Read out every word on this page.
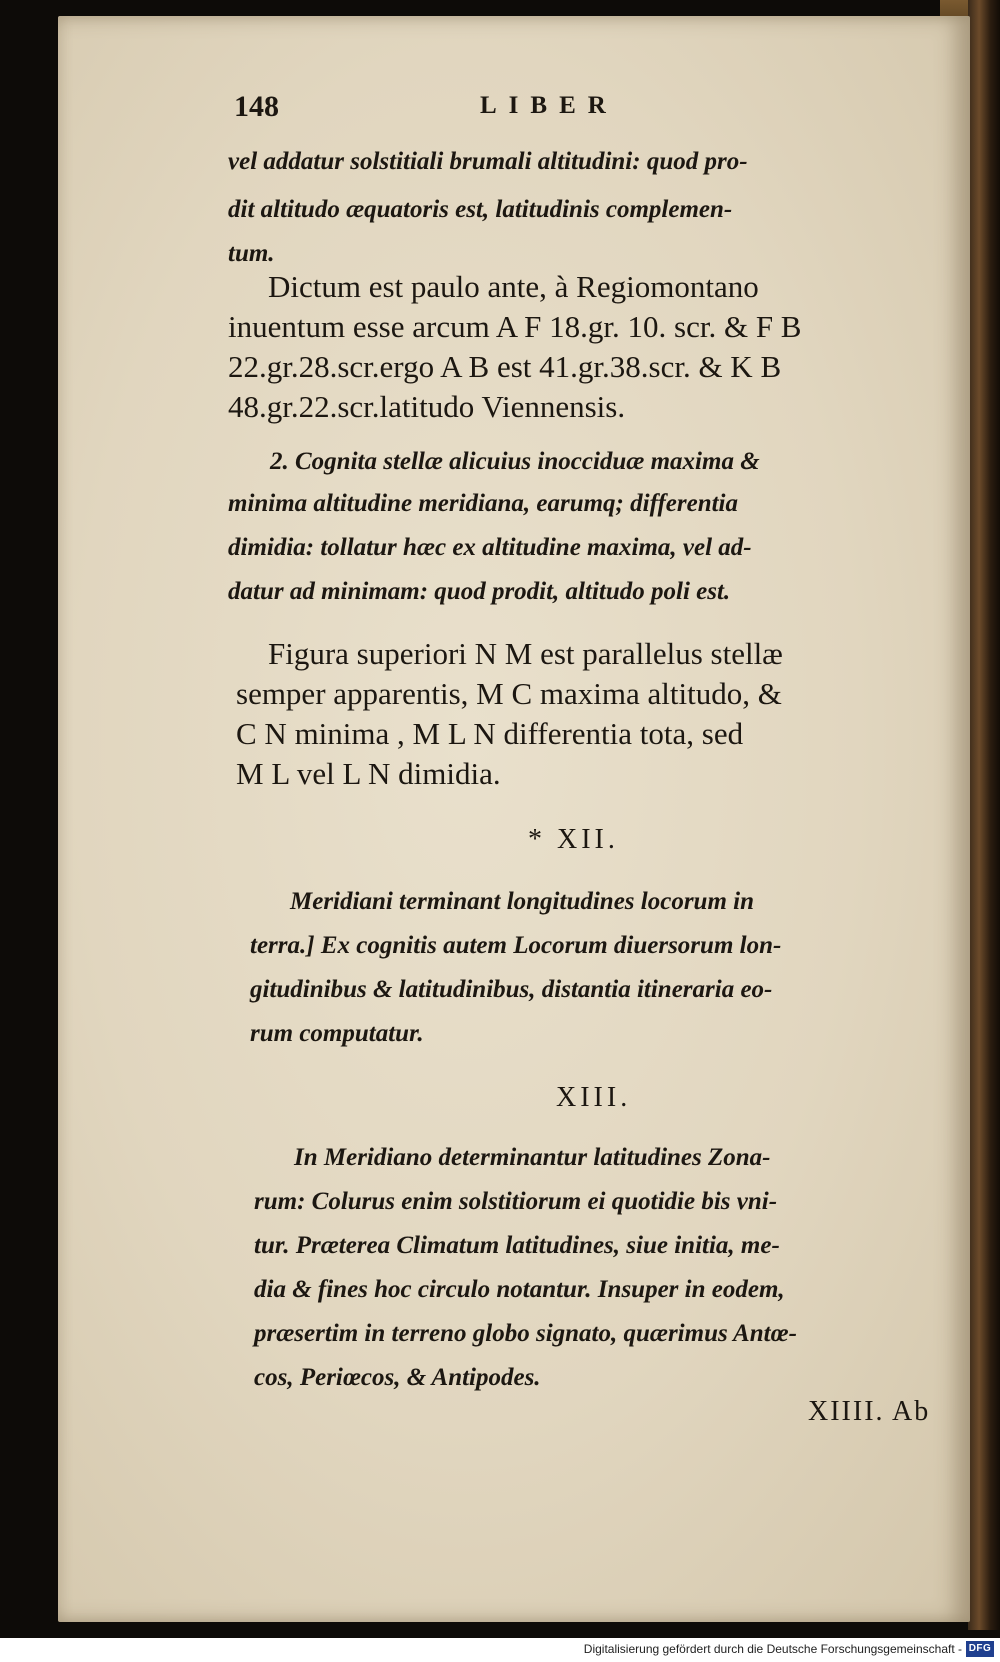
148	LIBER
vel addatur solstitiali brumali altitudini: quod pro-
dit altitudo æquatoris est, latitudinis complemen-
tum.
Dictum est paulo ante, à Regiomontano
inuentum esse arcum A F 18.gr. 10. scr. & F B
22.gr.28.scr.ergo A B est 41.gr.38.scr. & K B
48.gr.22.scr.latitudo Viennensis.
2. Cognita stellæ alicuius inocciduæ maxima &
minima altitudine meridiana, earumq; differentia
dimidia: tollatur hæc ex altitudine maxima, vel ad-
datur ad minimam: quod prodit, altitudo poli est.
Figura superiori N M est parallelus stellæ
semper apparentis, M C maxima altitudo, &
C N minima , M L N differentia tota, sed
M L vel L N dimidia.
* XII.
Meridiani terminant longitudines locorum in
terra.] Ex cognitis autem Locorum diuersorum lon-
gitudinibus & latitudinibus, distantia itineraria eo-
rum computatur.
XIII.
In Meridiano determinantur latitudines Zona-
rum: Colurus enim solstitiorum ei quotidie bis vni-
tur. Præterea Climatum latitudines, siue initia, me-
dia & fines hoc circulo notantur. Insuper in eodem,
præsertim in terreno globo signato, quærimus Antœ-
cos, Periœcos, & Antipodes.
XIIII. Ab
Digitalisierung gefördert durch die Deutsche Forschungsgemeinschaft - DFG
